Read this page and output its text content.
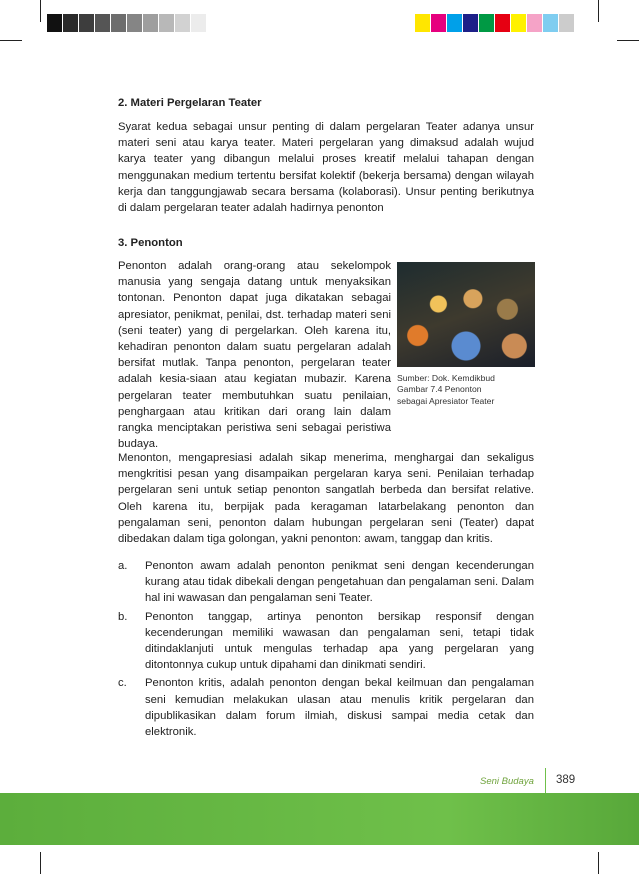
2. Materi Pergelaran Teater
Syarat kedua sebagai unsur penting di dalam pergelaran Teater adanya unsur materi seni atau karya teater. Materi pergelaran yang dimaksud adalah wujud karya teater yang dibangun melalui proses kreatif melalui tahapan dengan menggunakan medium tertentu bersifat kolektif (bekerja bersama) dengan wilayah kerja dan tanggungjawab secara bersama (kolaborasi). Unsur penting berikutnya di dalam pergelaran teater adalah hadirnya penonton
3. Penonton
Penonton adalah orang-orang atau sekelompok manusia yang sengaja datang untuk menyaksikan tontonan. Penonton dapat juga dikatakan sebagai apresiator, penikmat, penilai, dst. terhadap materi seni (seni teater) yang di pergelarkan. Oleh karena itu, kehadiran penonton dalam suatu pergelaran adalah bersifat mutlak. Tanpa penonton, pergelaran teater adalah kesia-siaan atau kegiatan mubazir. Karena pergelaran teater membutuhkan suatu penilaian, penghargaan atau kritikan dari orang lain dalam rangka menciptakan peristiwa seni sebagai peristiwa budaya.
Sumber: Dok. Kemdikbud
Gambar 7.4 Penonton
sebagai Apresiator Teater
Menonton, mengapresiasi adalah sikap menerima, menghargai dan sekaligus mengkritisi pesan yang disampaikan pergelaran karya seni. Penilaian terhadap pergelaran seni untuk setiap penonton sangatlah berbeda dan bersifat relative. Oleh karena itu, berpijak pada keragaman latarbelakang penonton dan pengalaman seni, penonton dalam hubungan pergelaran seni (Teater) dapat dibedakan dalam tiga golongan, yakni penonton: awam, tanggap dan kritis.
a.	Penonton awam adalah penonton penikmat seni dengan kecenderungan kurang atau tidak dibekali dengan pengetahuan dan pengalaman seni. Dalam hal ini wawasan dan pengalaman seni Teater.
b.	Penonton tanggap, artinya penonton bersikap responsif dengan kecenderungan memiliki wawasan dan pengalaman seni, tetapi tidak ditindaklanjuti untuk mengulas terhadap apa yang pergelaran yang ditontonnya cukup untuk dipahami dan dinikmati sendiri.
c.	Penonton kritis, adalah penonton dengan bekal keilmuan dan pengalaman seni kemudian melakukan ulasan atau menulis kritik pergelaran dan dipublikasikan dalam forum ilmiah, diskusi sampai media cetak dan elektronik.
Seni Budaya 389
